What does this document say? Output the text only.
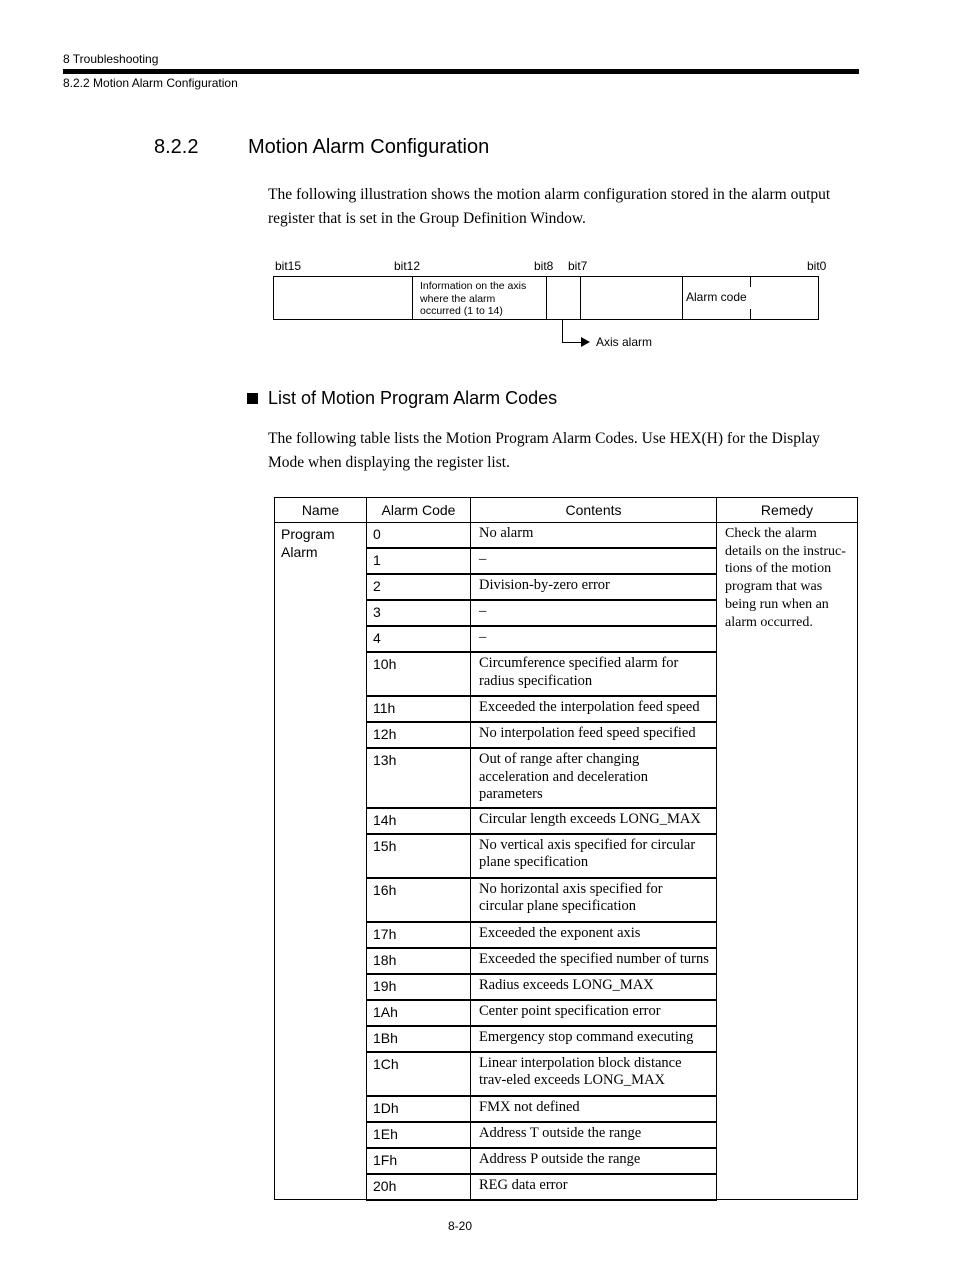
8 Troubleshooting
8.2.2 Motion Alarm Configuration
8.2.2 Motion Alarm Configuration

The following illustration shows the motion alarm configuration stored in the alarm output register that is set in the Group Definition Window.

bit15	bit12	bit8 bit7	bit0
Information on the axis
where the alarm
occurred (1 to 14)
Alarm code
Axis alarm
List of Motion Program Alarm Codes

The following table lists the Motion Program Alarm Codes. Use HEX(H) for the Display Mode when displaying the register list.

Name	Alarm Code	Contents	Remedy

Program Alarm	0	No alarm	Check the alarm details on the instruc-tions of the motion program that was being run when an alarm occurred.

	1	–	
	2	Division-by-zero error	
	3	–	
	4	–	
	10h	Circumference specified alarm for radius specification	
	11h	Exceeded the interpolation feed speed	
	12h	No interpolation feed speed specified	
	13h	Out of range after changing acceleration and deceleration parameters	
	14h	Circular length exceeds LONG_MAX	
	15h	No vertical axis specified for circular plane specification	
	16h	No horizontal axis specified for circular plane specification	
	17h	Exceeded the exponent axis	
	18h	Exceeded the specified number of turns	
	19h	Radius exceeds LONG_MAX	
	1Ah	Center point specification error	
	1Bh	Emergency stop command executing	
	1Ch	Linear interpolation block distance trav-eled exceeds LONG_MAX	
	1Dh	FMX not defined	
	1Eh	Address T outside the range	
	1Fh	Address P outside the range	
	20h	REG data error	
8-20
